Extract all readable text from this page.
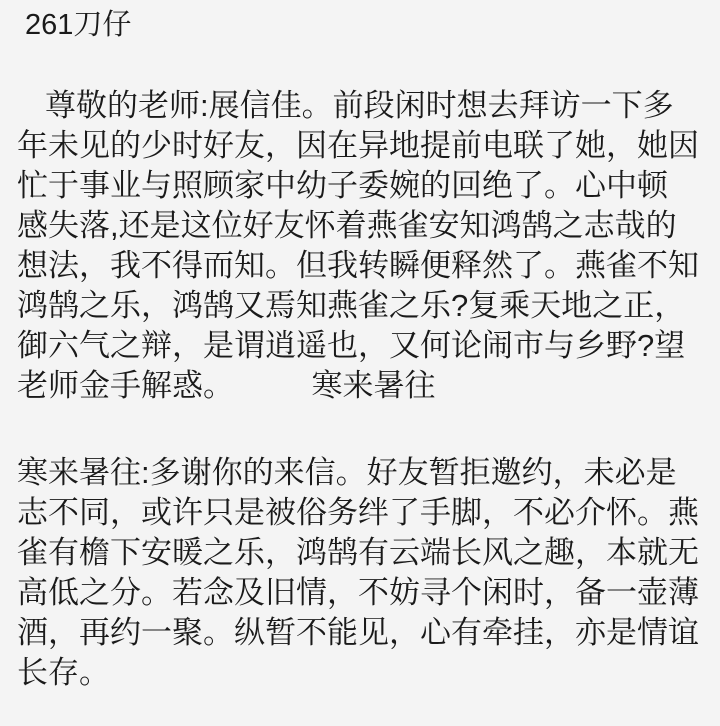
261刀仔
尊敬的老师:展信佳。前段闲时想去拜访一下多
年未见的少时好友，因在异地提前电联了她，她因
忙于事业与照顾家中幼子委婉的回绝了。心中顿
感失落,还是这位好友怀着燕雀安知鸿鹄之志哉的
想法，我不得而知。但我转瞬便释然了。燕雀不知
鸿鹄之乐，鸿鹄又焉知燕雀之乐?复乘天地之正，
御六气之辩，是谓逍遥也，又何论闹市与乡野?望
老师金手解惑。　　　寒来暑往
寒来暑往:多谢你的来信。好友暂拒邀约，未必是
志不同，或许只是被俗务绊了手脚，不必介怀。燕
雀有檐下安暖之乐，鸿鹄有云端长风之趣，本就无
高低之分。若念及旧情，不妨寻个闲时，备一壶薄
酒，再约一聚。纵暂不能见，心有牵挂，亦是情谊
长存。
